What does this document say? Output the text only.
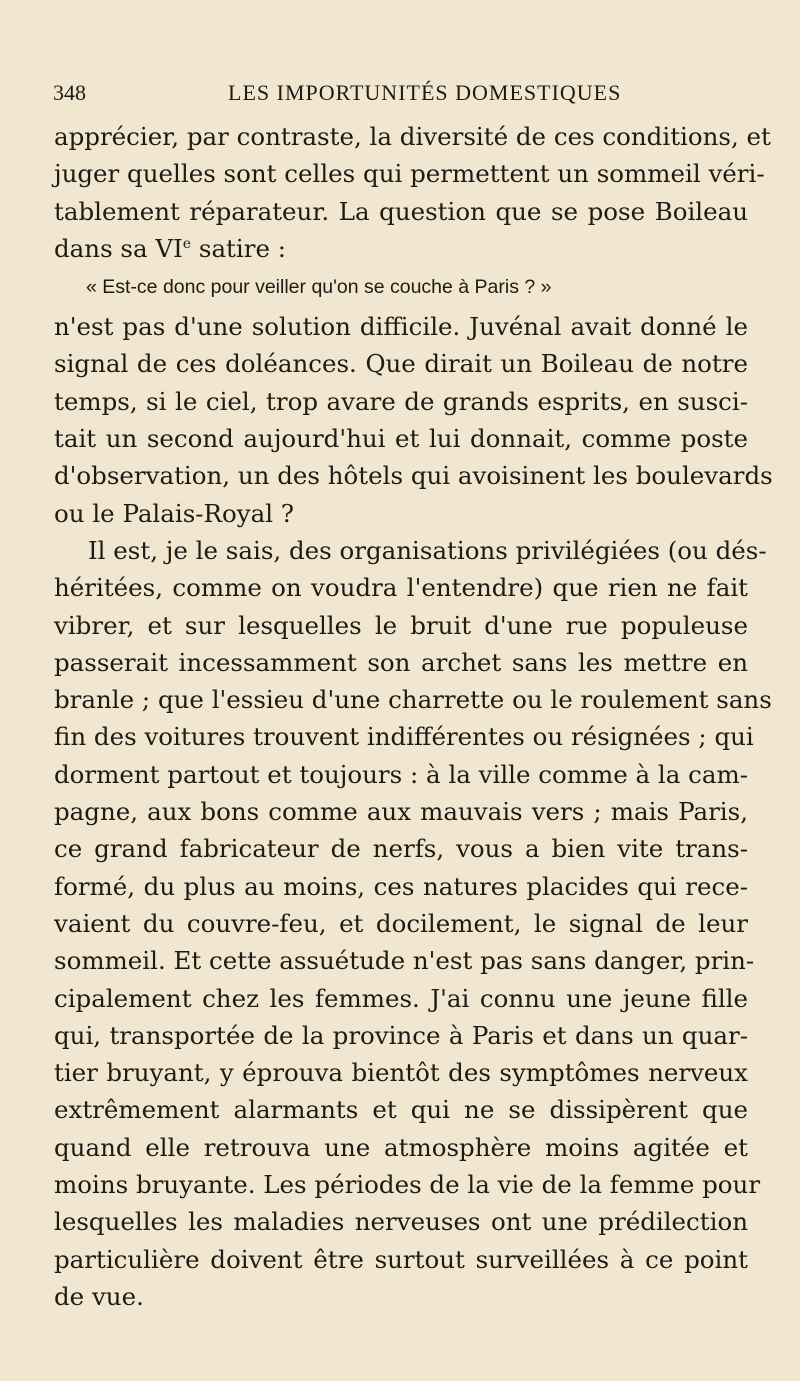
348	LES IMPORTUNITÉS DOMESTIQUES
apprécier, par contraste, la diversité de ces conditions, et
juger quelles sont celles qui permettent un sommeil véri-
tablement réparateur. La question que se pose Boileau
dans sa VIe satire :
« Est-ce donc pour veiller qu'on se couche à Paris ? »
n'est pas d'une solution difficile. Juvénal avait donné le
signal de ces doléances. Que dirait un Boileau de notre
temps, si le ciel, trop avare de grands esprits, en susci-
tait un second aujourd'hui et lui donnait, comme poste
d'observation, un des hôtels qui avoisinent les boulevards
ou le Palais-Royal ?
Il est, je le sais, des organisations privilégiées (ou dés-
héritées, comme on voudra l'entendre) que rien ne fait
vibrer, et sur lesquelles le bruit d'une rue populeuse
passerait incessamment son archet sans les mettre en
branle ; que l'essieu d'une charrette ou le roulement sans
fin des voitures trouvent indifférentes ou résignées ; qui
dorment partout et toujours : à la ville comme à la cam-
pagne, aux bons comme aux mauvais vers ; mais Paris,
ce grand fabricateur de nerfs, vous a bien vite trans-
formé, du plus au moins, ces natures placides qui rece-
vaient du couvre-feu, et docilement, le signal de leur
sommeil. Et cette assuétude n'est pas sans danger, prin-
cipalement chez les femmes. J'ai connu une jeune fille
qui, transportée de la province à Paris et dans un quar-
tier bruyant, y éprouva bientôt des symptômes nerveux
extrêmement alarmants et qui ne se dissipèrent que
quand elle retrouva une atmosphère moins agitée et
moins bruyante. Les périodes de la vie de la femme pour
lesquelles les maladies nerveuses ont une prédilection
particulière doivent être surtout surveillées à ce point
de vue.
